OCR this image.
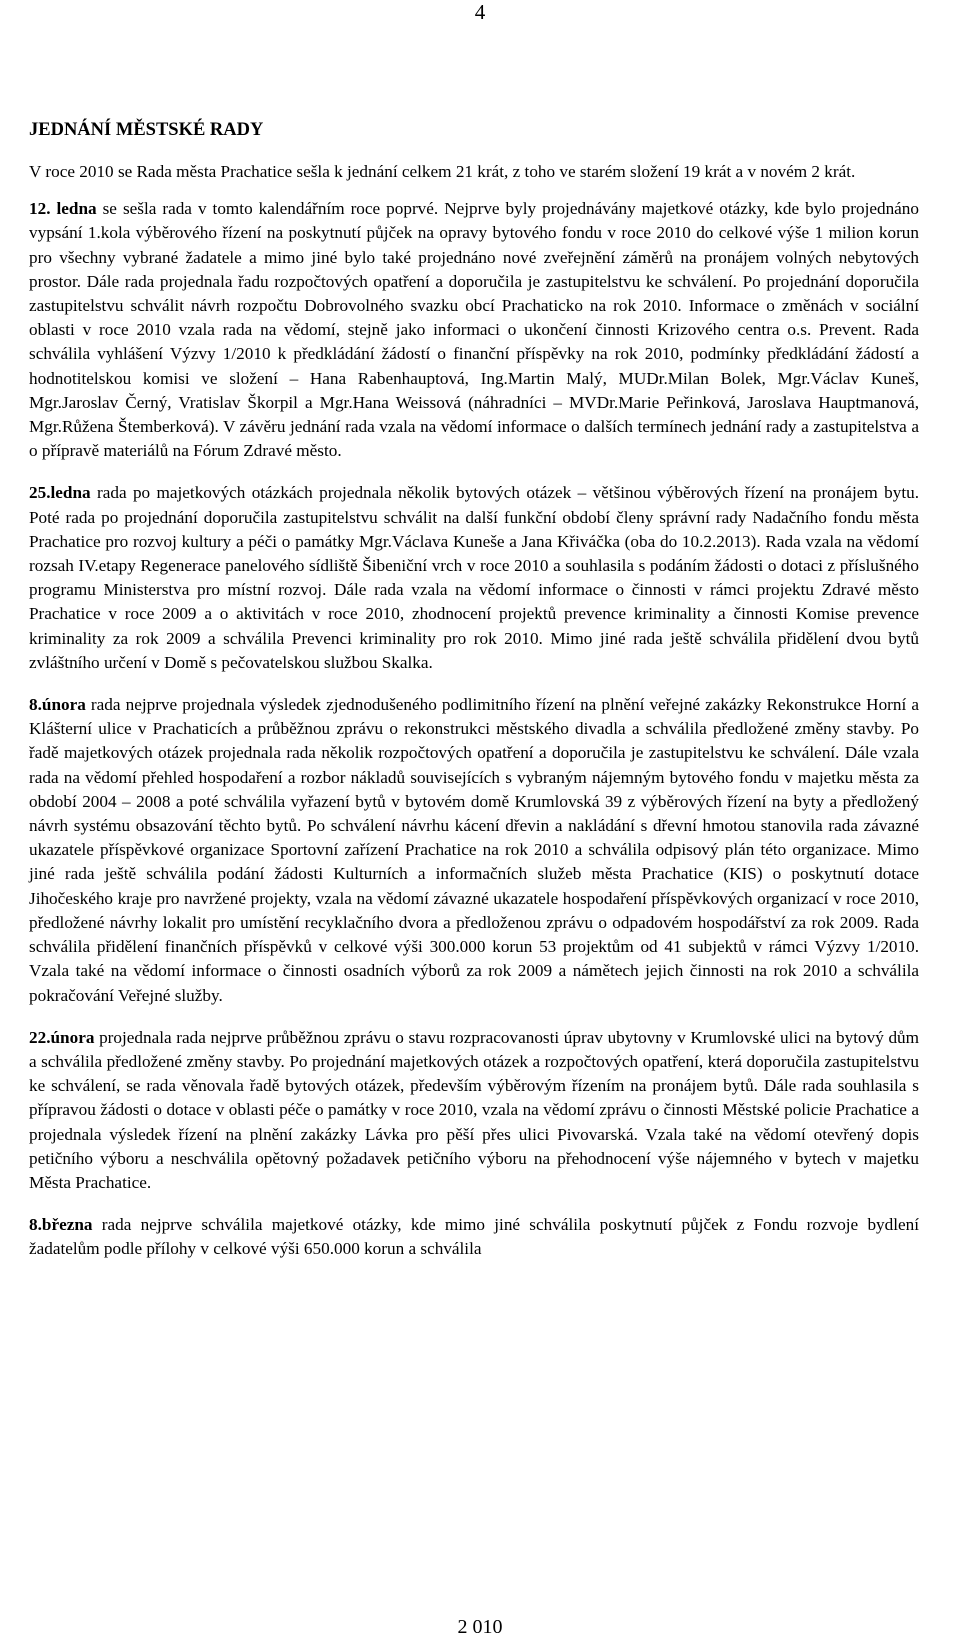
4
JEDNÁNÍ MĚSTSKÉ RADY

V roce 2010 se Rada města Prachatice sešla k jednání celkem 21 krát, z toho ve starém složení 19 krát a v novém 2 krát.

12. ledna se sešla rada v tomto kalendářním roce poprvé. Nejprve byly projednávány majetkové otázky, kde bylo projednáno vypsání 1.kola výběrového řízení na poskytnutí půjček na opravy bytového fondu v roce 2010 do celkové výše 1 milion korun pro všechny vybrané žadatele a mimo jiné bylo také projednáno nové zveřejnění záměrů na pronájem volných nebytových prostor. Dále rada projednala řadu rozpočtových opatření a doporučila je zastupitelstvu ke schválení. Po projednání doporučila zastupitelstvu schválit návrh rozpočtu Dobrovolného svazku obcí Prachaticko na rok 2010. Informace o změnách v sociální oblasti v roce 2010 vzala rada na vědomí, stejně jako informaci o ukončení činnosti Krizového centra o.s. Prevent. Rada schválila vyhlášení Výzvy 1/2010 k předkládání žádostí o finanční příspěvky na rok 2010, podmínky předkládání žádostí a hodnotitelskou komisi ve složení – Hana Rabenhauptová, Ing.Martin Malý, MUDr.Milan Bolek, Mgr.Václav Kuneš, Mgr.Jaroslav Černý, Vratislav Škorpil a Mgr.Hana Weissová (náhradníci – MVDr.Marie Peřinková, Jaroslava Hauptmanová, Mgr.Růžena Štemberková). V závěru jednání rada vzala na vědomí informace o dalších termínech jednání rady a zastupitelstva a o přípravě materiálů na Fórum Zdravé město.

25.ledna rada po majetkových otázkách projednala několik bytových otázek – většinou výběrových řízení na pronájem bytu. Poté rada po projednání doporučila zastupitelstvu schválit na další funkční období členy správní rady Nadačního fondu města Prachatice pro rozvoj kultury a péči o památky Mgr.Václava Kuneše a Jana Křiváčka (oba do 10.2.2013). Rada vzala na vědomí rozsah IV.etapy Regenerace panelového sídliště Šibeniční vrch v roce 2010 a souhlasila s podáním žádosti o dotaci z příslušného programu Ministerstva pro místní rozvoj. Dále rada vzala na vědomí informace o činnosti v rámci projektu Zdravé město Prachatice v roce 2009 a o aktivitách v roce 2010, zhodnocení projektů prevence kriminality a činnosti Komise prevence kriminality za rok 2009 a schválila Prevenci kriminality pro rok 2010. Mimo jiné rada ještě schválila přidělení dvou bytů zvláštního určení v Domě s pečovatelskou službou Skalka.

8.února rada nejprve projednala výsledek zjednodušeného podlimitního řízení na plnění veřejné zakázky Rekonstrukce Horní a Klášterní ulice v Prachaticích a průběžnou zprávu o rekonstrukci městského divadla a schválila předložené změny stavby. Po řadě majetkových otázek projednala rada několik rozpočtových opatření a doporučila je zastupitelstvu ke schválení. Dále vzala rada na vědomí přehled hospodaření a rozbor nákladů souvisejících s vybraným nájemným bytového fondu v majetku města za období 2004 – 2008 a poté schválila vyřazení bytů v bytovém domě Krumlovská 39 z výběrových řízení na byty a předložený návrh systému obsazování těchto bytů. Po schválení návrhu kácení dřevin a nakládání s dřevní hmotou stanovila rada závazné ukazatele příspěvkové organizace Sportovní zařízení Prachatice na rok 2010 a schválila odpisový plán této organizace. Mimo jiné rada ještě schválila podání žádosti Kulturních a informačních služeb města Prachatice (KIS) o poskytnutí dotace Jihočeského kraje pro navržené projekty, vzala na vědomí závazné ukazatele hospodaření příspěvkových organizací v roce 2010, předložené návrhy lokalit pro umístění recyklačního dvora a předloženou zprávu o odpadovém hospodářství za rok 2009. Rada schválila přidělení finančních příspěvků v celkové výši 300.000 korun 53 projektům od 41 subjektů v rámci Výzvy 1/2010. Vzala také na vědomí informace o činnosti osadních výborů za rok 2009 a námětech jejich činnosti na rok 2010 a schválila pokračování Veřejné služby.

22.února projednala rada nejprve průběžnou zprávu o stavu rozpracovanosti úprav ubytovny v Krumlovské ulici na bytový dům a schválila předložené změny stavby. Po projednání majetkových otázek a rozpočtových opatření, která doporučila zastupitelstvu ke schválení, se rada věnovala řadě bytových otázek, především výběrovým řízením na pronájem bytů. Dále rada souhlasila s přípravou žádosti o dotace v oblasti péče o památky v roce 2010, vzala na vědomí zprávu o činnosti Městské policie Prachatice a projednala výsledek řízení na plnění zakázky Lávka pro pěší přes ulici Pivovarská. Vzala také na vědomí otevřený dopis petičního výboru a neschválila opětovný požadavek petičního výboru na přehodnocení výše nájemného v bytech v majetku Města Prachatice.

8.března rada nejprve schválila majetkové otázky, kde mimo jiné schválila poskytnutí půjček z Fondu rozvoje bydlení žadatelům podle přílohy v celkové výši 650.000 korun a schválila

2 010
